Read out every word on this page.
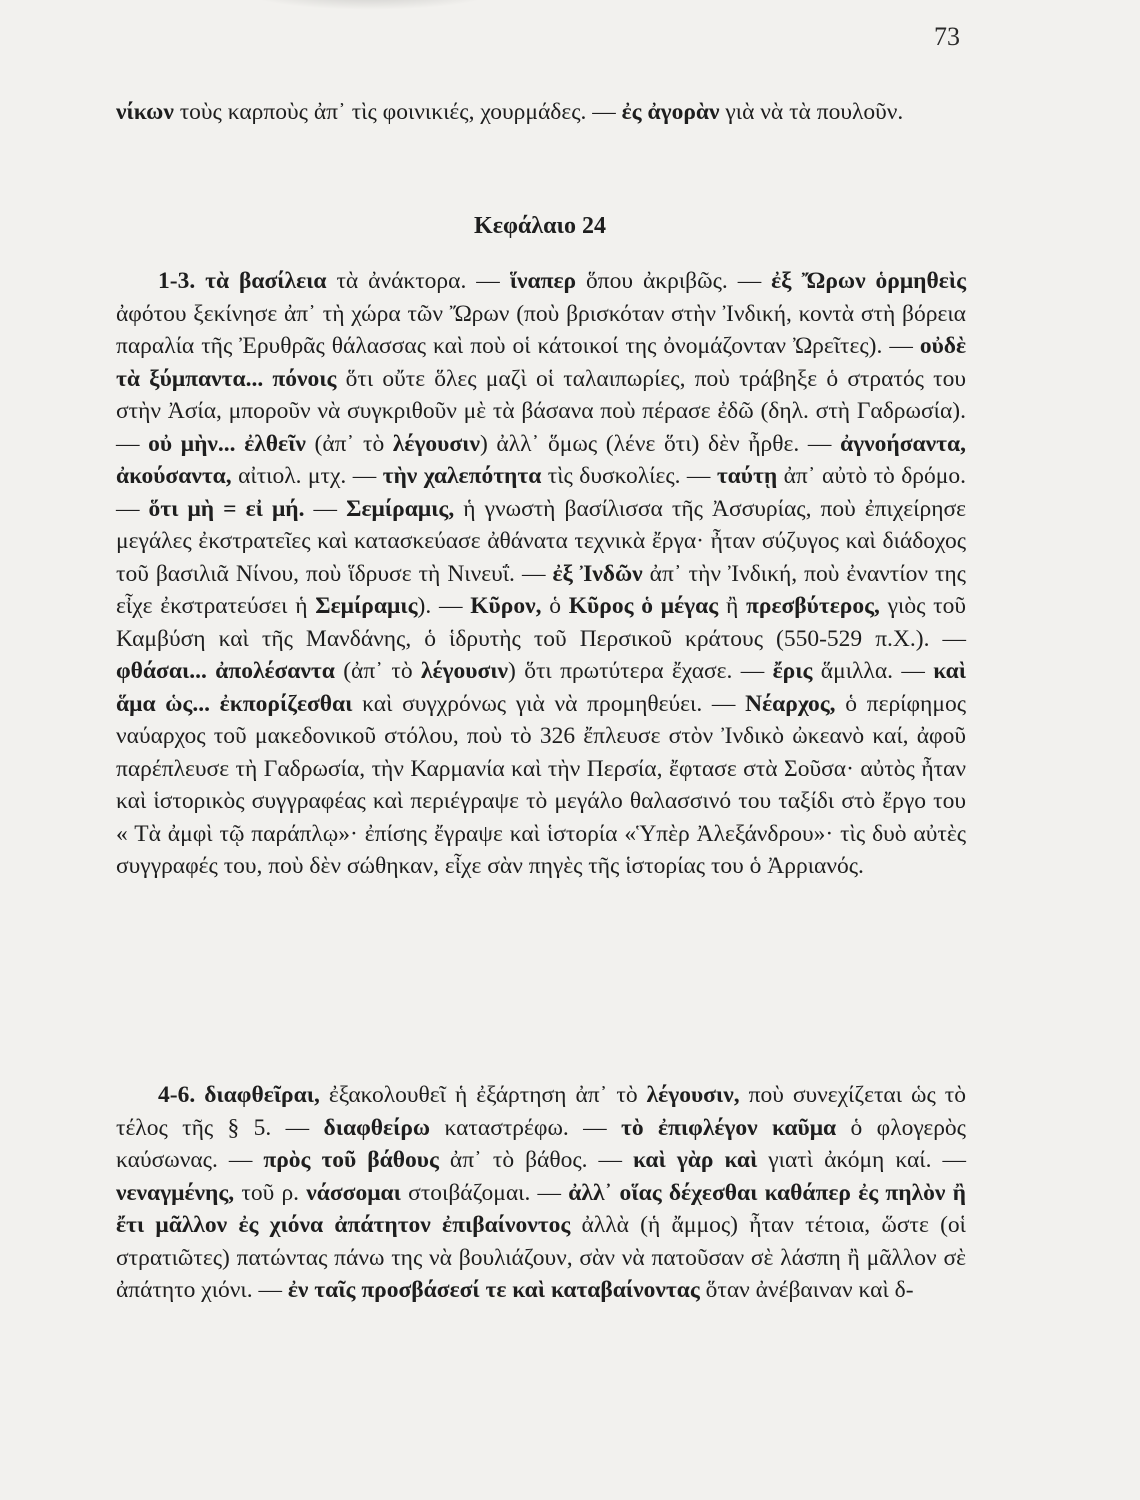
73

νίκων τοὺς καρποὺς ἀπ᾿ τὶς φοινικιές, χουρμάδες. — ἐς ἀγορὰν γιὰ νὰ τὰ πουλοῦν.

Κεφάλαιο 24

1-3. τὰ βασίλεια τὰ ἀνάκτορα. — ἵναπερ ὅπου ἀκριβῶς. — ἐξ Ὤρων ὁρμηθεὶς ἀφότου ξεκίνησε ἀπ᾿ τὴ χώρα τῶν Ὤρων (ποὺ βρισκόταν στὴν Ἰνδική, κοντὰ στὴ βόρεια παραλία τῆς Ἐρυθρᾶς θάλασσας καὶ ποὺ οἱ κάτοικοί της ὀνομάζονταν Ὠρεῖτες). — οὐδὲ τὰ ξύμπαντα... πόνοις ὅτι οὔτε ὅλες μαζὶ οἱ ταλαιπωρίες, ποὺ τράβηξε ὁ στρατός του στὴν Ἀσία, μποροῦν νὰ συγκριθοῦν μὲ τὰ βάσανα ποὺ πέρασε ἐδῶ (δηλ. στὴ Γαδρωσία). — οὐ μὴν... ἐλθεῖν (ἀπ᾿ τὸ λέγουσιν) ἀλλ᾿ ὅμως (λένε ὅτι) δὲν ἦρθε. — ἀγνοήσαντα, ἀκούσαντα, αἰτιολ. μτχ. — τὴν χαλεπότητα τὶς δυσκολίες. — ταύτῃ ἀπ᾿ αὐτὸ τὸ δρόμο. — ὅτι μὴ = εἰ μή. — Σεμίραμις, ἡ γνωστὴ βασίλισσα τῆς Ἀσσυρίας, ποὺ ἐπιχείρησε μεγάλες ἐκστρατεῖες καὶ κατασκεύασε ἀθάνατα τεχνικὰ ἔργα· ἦταν σύζυγος καὶ διάδοχος τοῦ βασιλιᾶ Νίνου, ποὺ ἵδρυσε τὴ Νινευΐ. — ἐξ Ἰνδῶν ἀπ᾿ τὴν Ἰνδική, ποὺ ἐναντίον της εἶχε ἐκστρατεύσει ἡ Σεμίραμις). — Κῦρον, ὁ Κῦρος ὁ μέγας ἢ πρεσβύτερος, γιὸς τοῦ Καμβύση καὶ τῆς Μανδάνης, ὁ ἱδρυτὴς τοῦ Περσικοῦ κράτους (550-529 π.Χ.). — φθάσαι... ἀπολέσαντα (ἀπ᾿ τὸ λέγουσιν) ὅτι πρωτύτερα ἔχασε. — ἔρις ἅμιλλα. — καὶ ἅμα ὡς... ἐκπορίζεσθαι καὶ συγχρόνως γιὰ νὰ προμηθεύει. — Νέαρχος, ὁ περίφημος ναύαρχος τοῦ μακεδονικοῦ στόλου, ποὺ τὸ 326 ἔπλευσε στὸν Ἰνδικὸ ὠκεανὸ καί, ἀφοῦ παρέπλευσε τὴ Γαδρωσία, τὴν Καρμανία καὶ τὴν Περσία, ἔφτασε στὰ Σοῦσα· αὐτὸς ἦταν καὶ ἱστορικὸς συγγραφέας καὶ περιέγραψε τὸ μεγάλο θαλασσινό του ταξίδι στὸ ἔργο του « Τὰ ἀμφὶ τῷ παράπλῳ»· ἐπίσης ἔγραψε καὶ ἱστορία «Ὑπὲρ Ἀλεξάνδρου»· τὶς δυὸ αὐτὲς συγγραφές του, ποὺ δὲν σώθηκαν, εἶχε σὰν πηγὲς τῆς ἱστορίας του ὁ Ἀρριανός.

4-6. διαφθεῖραι, ἐξακολουθεῖ ἡ ἐξάρτηση ἀπ᾿ τὸ λέγουσιν, ποὺ συνεχίζεται ὡς τὸ τέλος τῆς § 5. — διαφθείρω καταστρέφω. — τὸ ἐπιφλέγον καῦμα ὁ φλογερὸς καύσωνας. — πρὸς τοῦ βάθους ἀπ᾿ τὸ βάθος. — καὶ γὰρ καὶ γιατὶ ἀκόμη καί. — νεναγμένης, τοῦ ρ. νάσσομαι στοιβάζομαι. — ἀλλ᾿ οἵας δέχεσθαι καθάπερ ἐς πηλὸν ἢ ἔτι μᾶλλον ἐς χιόνα ἀπάτητον ἐπιβαίνοντος ἀλλὰ (ἡ ἄμμος) ἦταν τέτοια, ὥστε (οἱ στρατιῶτες) πατώντας πάνω της νὰ βουλιάζουν, σὰν νὰ πατοῦσαν σὲ λάσπη ἢ μᾶλλον σὲ ἀπάτητο χιόνι. — ἐν ταῖς προσβάσεσί τε καὶ καταβαίνοντας ὅταν ἀνέβαιναν καὶ δ-
